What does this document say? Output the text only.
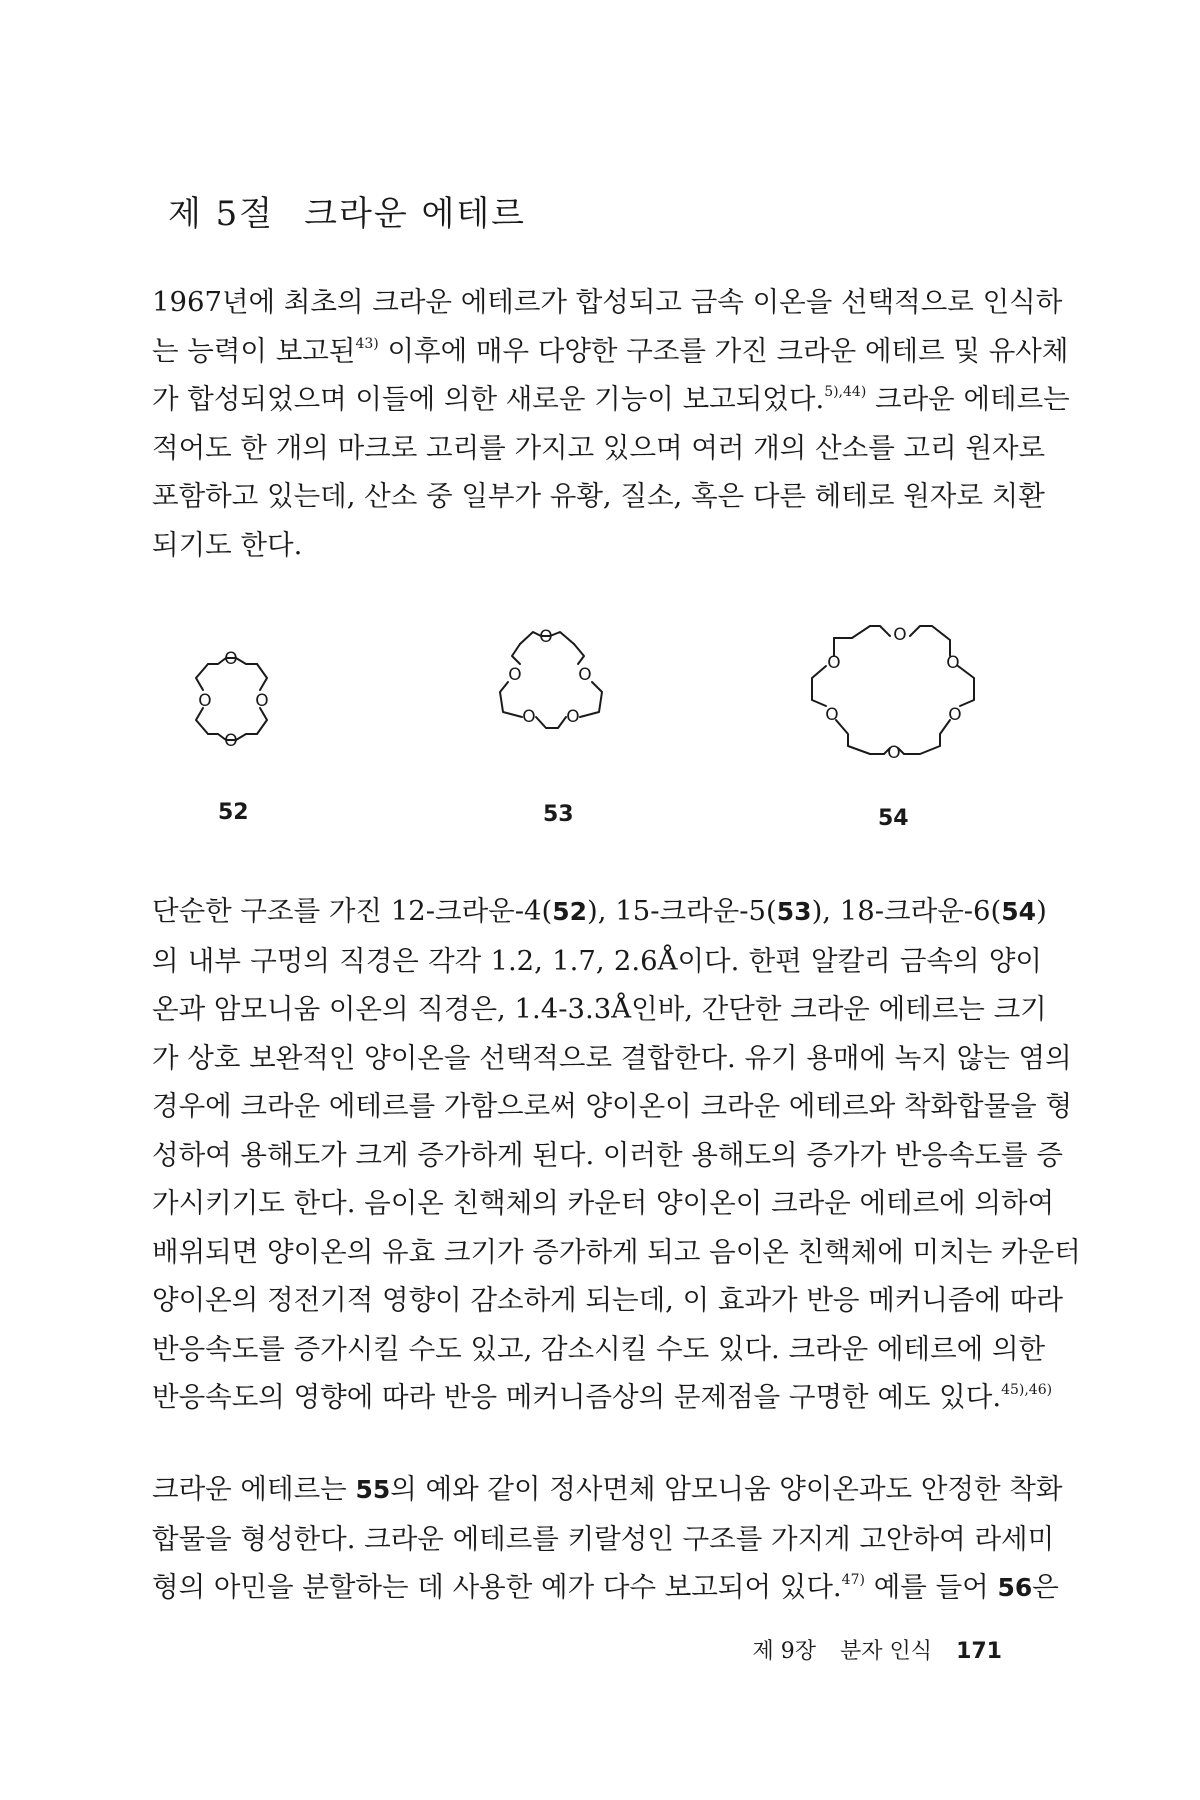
제 5절 크라운 에테르
1967년에 최초의 크라운 에테르가 합성되고 금속 이온을 선택적으로 인식하
는 능력이 보고된$^{43)}$ 이후에 매우 다양한 구조를 가진 크라운 에테르 및 유사체
가 합성되었으며 이들에 의한 새로운 기능이 보고되었다.$^{5),44)}$ 크라운 에테르는
적어도 한 개의 마크로 고리를 가지고 있으며 여러 개의 산소를 고리 원자로
포함하고 있는데, 산소 중 일부가 유황, 질소, 혹은 다른 헤테로 원자로 치환
되기도 한다.
O
O	O
O
O
O	O
O O
O
O	O
O	O
O
52	53	54
단순한 구조를 가진 12-크라운-4(52), 15-크라운-5(53), 18-크라운-6(54)
의 내부 구멍의 직경은 각각 1.2, 1.7, 2.6Å이다. 한편 알칼리 금속의 양이
온과 암모니움 이온의 직경은, 1.4-3.3Å인바, 간단한 크라운 에테르는 크기
가 상호 보완적인 양이온을 선택적으로 결합한다. 유기 용매에 녹지 않는 염의
경우에 크라운 에테르를 가함으로써 양이온이 크라운 에테르와 착화합물을 형
성하여 용해도가 크게 증가하게 된다. 이러한 용해도의 증가가 반응속도를 증
가시키기도 한다. 음이온 친핵체의 카운터 양이온이 크라운 에테르에 의하여
배위되면 양이온의 유효 크기가 증가하게 되고 음이온 친핵체에 미치는 카운터
양이온의 정전기적 영향이 감소하게 되는데, 이 효과가 반응 메커니즘에 따라
반응속도를 증가시킬 수도 있고, 감소시킬 수도 있다. 크라운 에테르에 의한
반응속도의 영향에 따라 반응 메커니즘상의 문제점을 구명한 예도 있다.$^{45),46)}$
크라운 에테르는 55의 예와 같이 정사면체 암모니움 양이온과도 안정한 착화
합물을 형성한다. 크라운 에테르를 키랄성인 구조를 가지게 고안하여 라세미
형의 아민을 분할하는 데 사용한 예가 다수 보고되어 있다.$^{47)}$ 예를 들어 56은
제 9장 분자 인식 171
